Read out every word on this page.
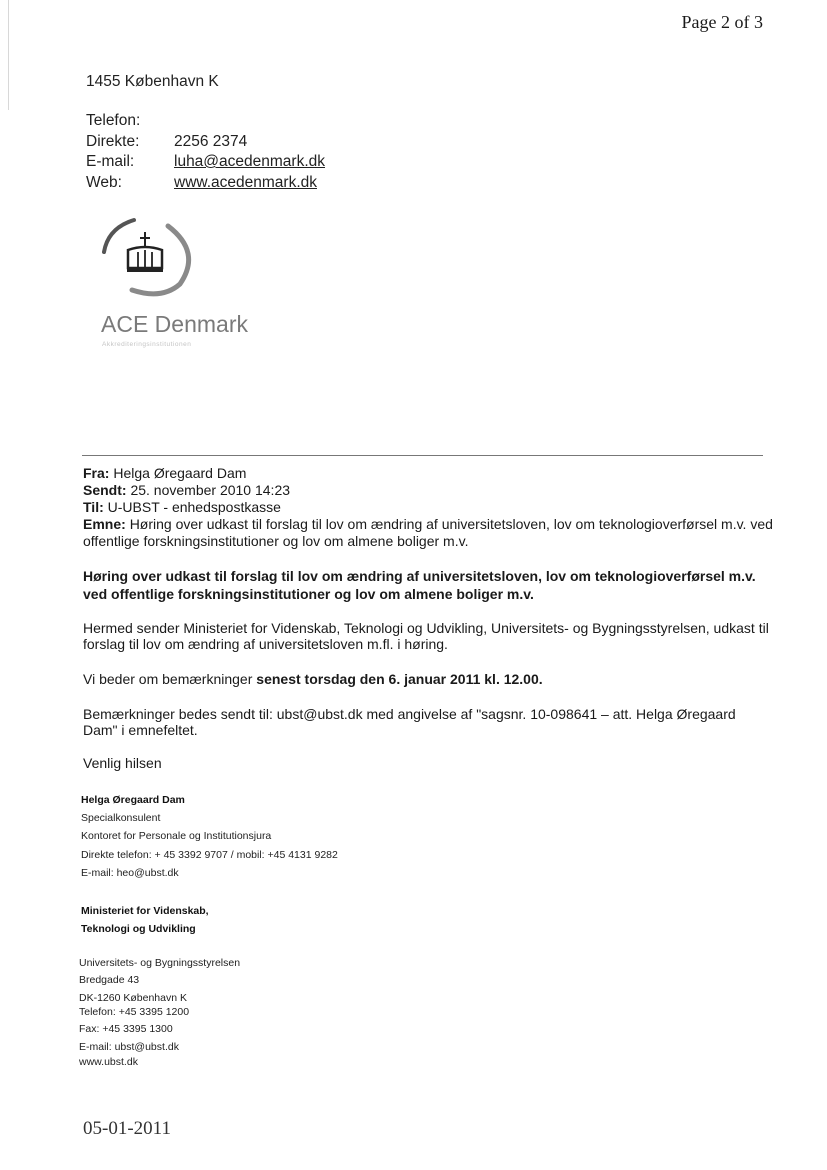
Page 2 of 3
1455 København K
Telefon:
Direkte: 2256 2374
E-mail:	luha@acedenmark.dk
Web:	www.acedenmark.dk
ACE Denmark
Akkrediteringsinstitutionen
Fra: Helga Øregaard Dam
Sendt: 25. november 2010 14:23
Til: U-UBST - enhedspostkasse
Emne: Høring over udkast til forslag til lov om ændring af universitetsloven, lov om teknologioverførsel m.v. ved offentlige forskningsinstitutioner og lov om almene boliger m.v.
Høring over udkast til forslag til lov om ændring af universitetsloven, lov om teknologioverførsel m.v. ved offentlige forskningsinstitutioner og lov om almene boliger m.v.
Hermed sender Ministeriet for Videnskab, Teknologi og Udvikling, Universitets- og Bygningsstyrelsen, udkast til forslag til lov om ændring af universitetsloven m.fl. i høring.
Vi beder om bemærkninger senest torsdag den 6. januar 2011 kl. 12.00.
Bemærkninger bedes sendt til: ubst@ubst.dk med angivelse af "sagsnr. 10-098641 – att. Helga Øregaard Dam" i emnefeltet.
Venlig hilsen
Helga Øregaard Dam
Specialkonsulent
Kontoret for Personale og Institutionsjura
Direkte telefon: + 45 3392 9707 / mobil: +45 4131 9282
E-mail: heo@ubst.dk
Ministeriet for Videnskab,
Teknologi og Udvikling
Universitets- og Bygningsstyrelsen
Bredgade 43
DK-1260 København K
Telefon: +45 3395 1200
Fax: +45 3395 1300
E-mail: ubst@ubst.dk
www.ubst.dk
05-01-2011
